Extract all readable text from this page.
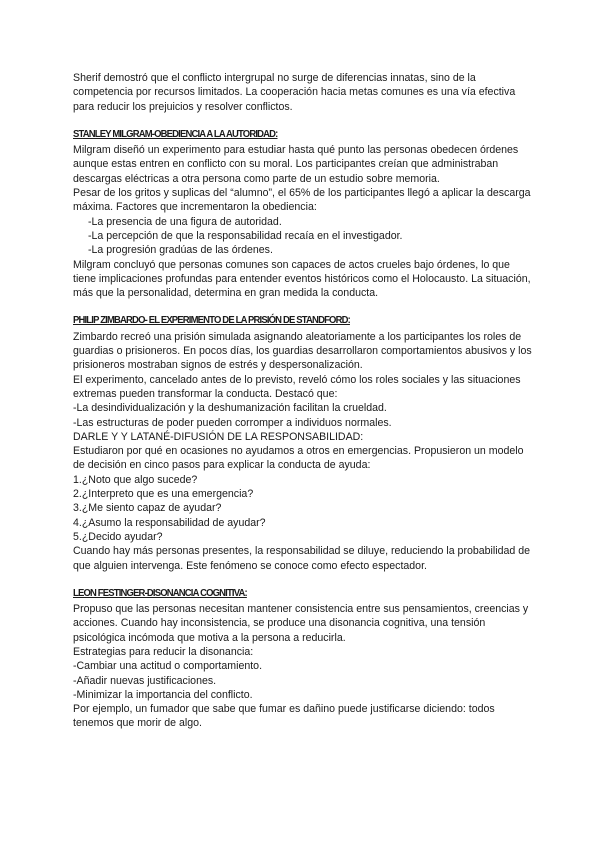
Sherif demostró que el conflicto intergrupal no surge de diferencias innatas, sino de la competencia por recursos limitados. La cooperación hacia metas comunes es una vía efectiva para reducir los prejuicios y resolver conflictos.

STANLEY MILGRAM-OBEDIENCIA A LA AUTORIDAD:

Milgram diseñó un experimento para estudiar hasta qué punto las personas obedecen órdenes aunque estas entren en conflicto con su moral. Los participantes creían que administraban descargas eléctricas a otra persona como parte de un estudio sobre memoria.

Pesar de los gritos y suplicas del “alumno”, el 65% de los participantes llegó a aplicar la descarga máxima. Factores que incrementaron la obediencia:

-La presencia de una figura de autoridad.
-La percepción de que la responsabilidad recaía en el investigador.
-La progresión gradúas de las órdenes.

Milgram concluyó que personas comunes son capaces de actos crueles bajo órdenes, lo que tiene implicaciones profundas para entender eventos históricos como el Holocausto. La situación, más que la personalidad, determina en gran medida la conducta.

PHILIP ZIMBARDO- EL EXPERIMENTO DE LA PRISIÓN DE STANDFORD:

Zimbardo recreó una prisión simulada asignando aleatoriamente a los participantes los roles de guardias o prisioneros. En pocos días, los guardias desarrollaron comportamientos abusivos y los prisioneros mostraban signos de estrés y despersonalización.

El experimento, cancelado antes de lo previsto, reveló cómo los roles sociales y las situaciones extremas pueden transformar la conducta. Destacó que:

-La desindividualización y la deshumanización facilitan la crueldad.
-Las estructuras de poder pueden corromper a individuos normales.
DARLE Y Y LATANÉ-DIFUSIÓN DE LA RESPONSABILIDAD:

Estudiaron por qué en ocasiones no ayudamos a otros en emergencias. Propusieron un modelo de decisión en cinco pasos para explicar la conducta de ayuda:

1.¿Noto que algo sucede?
2.¿Interpreto que es una emergencia?
3.¿Me siento capaz de ayudar?
4.¿Asumo la responsabilidad de ayudar?
5.¿Decido ayudar?

Cuando hay más personas presentes, la responsabilidad se diluye, reduciendo la probabilidad de que alguien intervenga. Este fenómeno se conoce como efecto espectador.

LEON FESTINGER-DISONANCIA COGNITIVA:

Propuso que las personas necesitan mantener consistencia entre sus pensamientos, creencias y acciones. Cuando hay inconsistencia, se produce una disonancia cognitiva, una tensión psicológica incómoda que motiva a la persona a reducirla.

Estrategias para reducir la disonancia:
-Cambiar una actitud o comportamiento.
-Añadir nuevas justificaciones.
-Minimizar la importancia del conflicto.

Por ejemplo, un fumador que sabe que fumar es dañino puede justificarse diciendo: todos tenemos que morir de algo.
